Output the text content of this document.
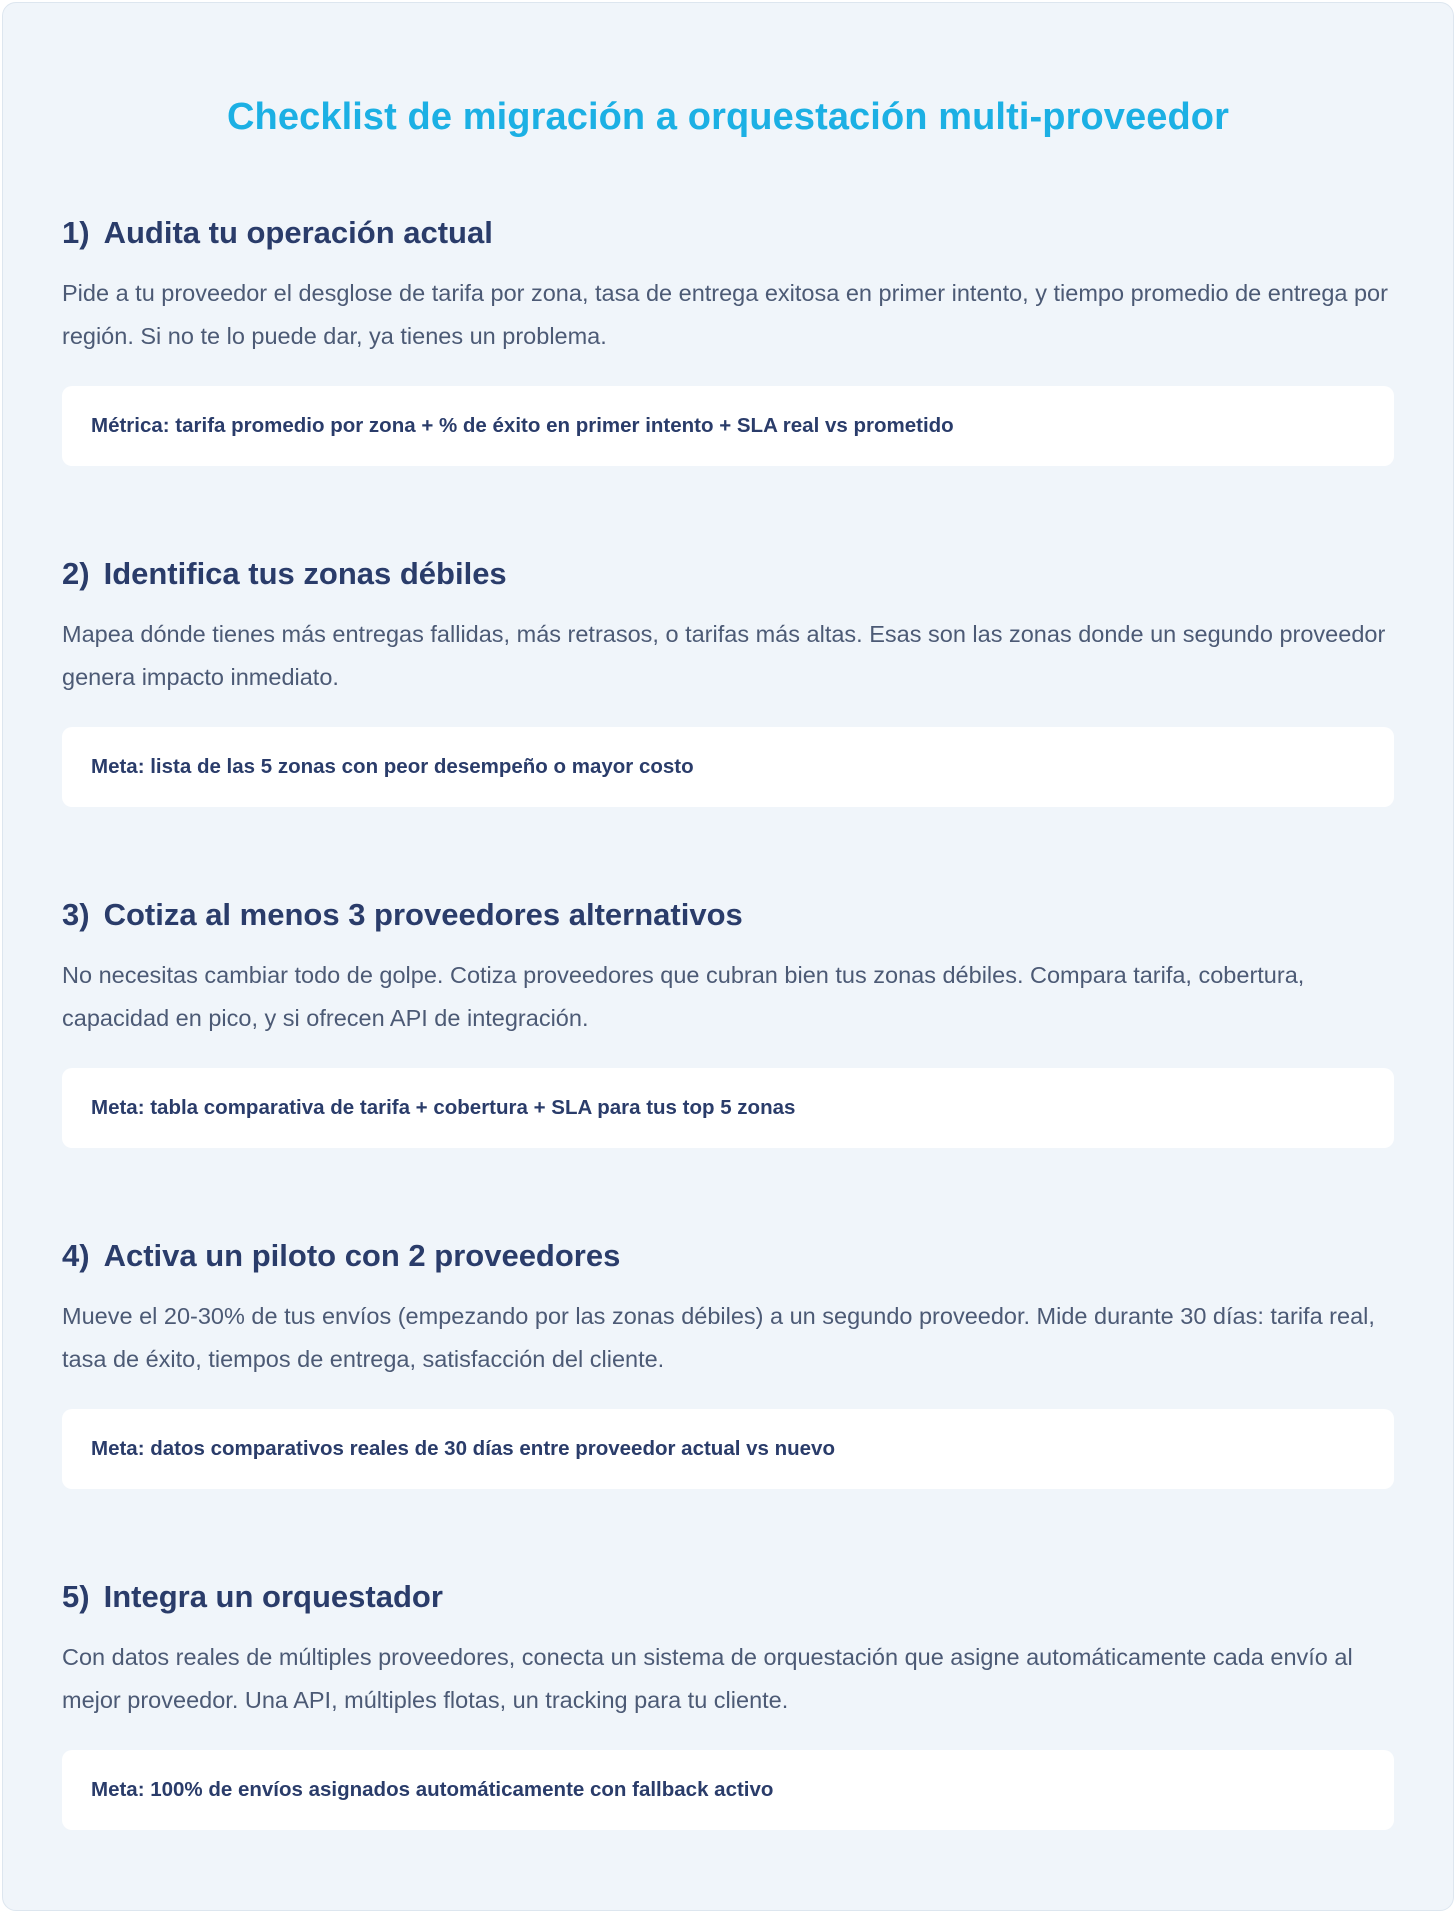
Checklist de migración a orquestación multi-proveedor
1) Audita tu operación actual

Pide a tu proveedor el desglose de tarifa por zona, tasa de entrega exitosa en primer intento, y tiempo promedio de entrega por región. Si no te lo puede dar, ya tienes un problema.

Métrica: tarifa promedio por zona + % de éxito en primer intento + SLA real vs prometido
2) Identifica tus zonas débiles

Mapea dónde tienes más entregas fallidas, más retrasos, o tarifas más altas. Esas son las zonas donde un segundo proveedor genera impacto inmediato.

Meta: lista de las 5 zonas con peor desempeño o mayor costo
3) Cotiza al menos 3 proveedores alternativos

No necesitas cambiar todo de golpe. Cotiza proveedores que cubran bien tus zonas débiles. Compara tarifa, cobertura, capacidad en pico, y si ofrecen API de integración.

Meta: tabla comparativa de tarifa + cobertura + SLA para tus top 5 zonas
4) Activa un piloto con 2 proveedores

Mueve el 20-30% de tus envíos (empezando por las zonas débiles) a un segundo proveedor. Mide durante 30 días: tarifa real, tasa de éxito, tiempos de entrega, satisfacción del cliente.

Meta: datos comparativos reales de 30 días entre proveedor actual vs nuevo
5) Integra un orquestador

Con datos reales de múltiples proveedores, conecta un sistema de orquestación que asigne automáticamente cada envío al mejor proveedor. Una API, múltiples flotas, un tracking para tu cliente.

Meta: 100% de envíos asignados automáticamente con fallback activo
